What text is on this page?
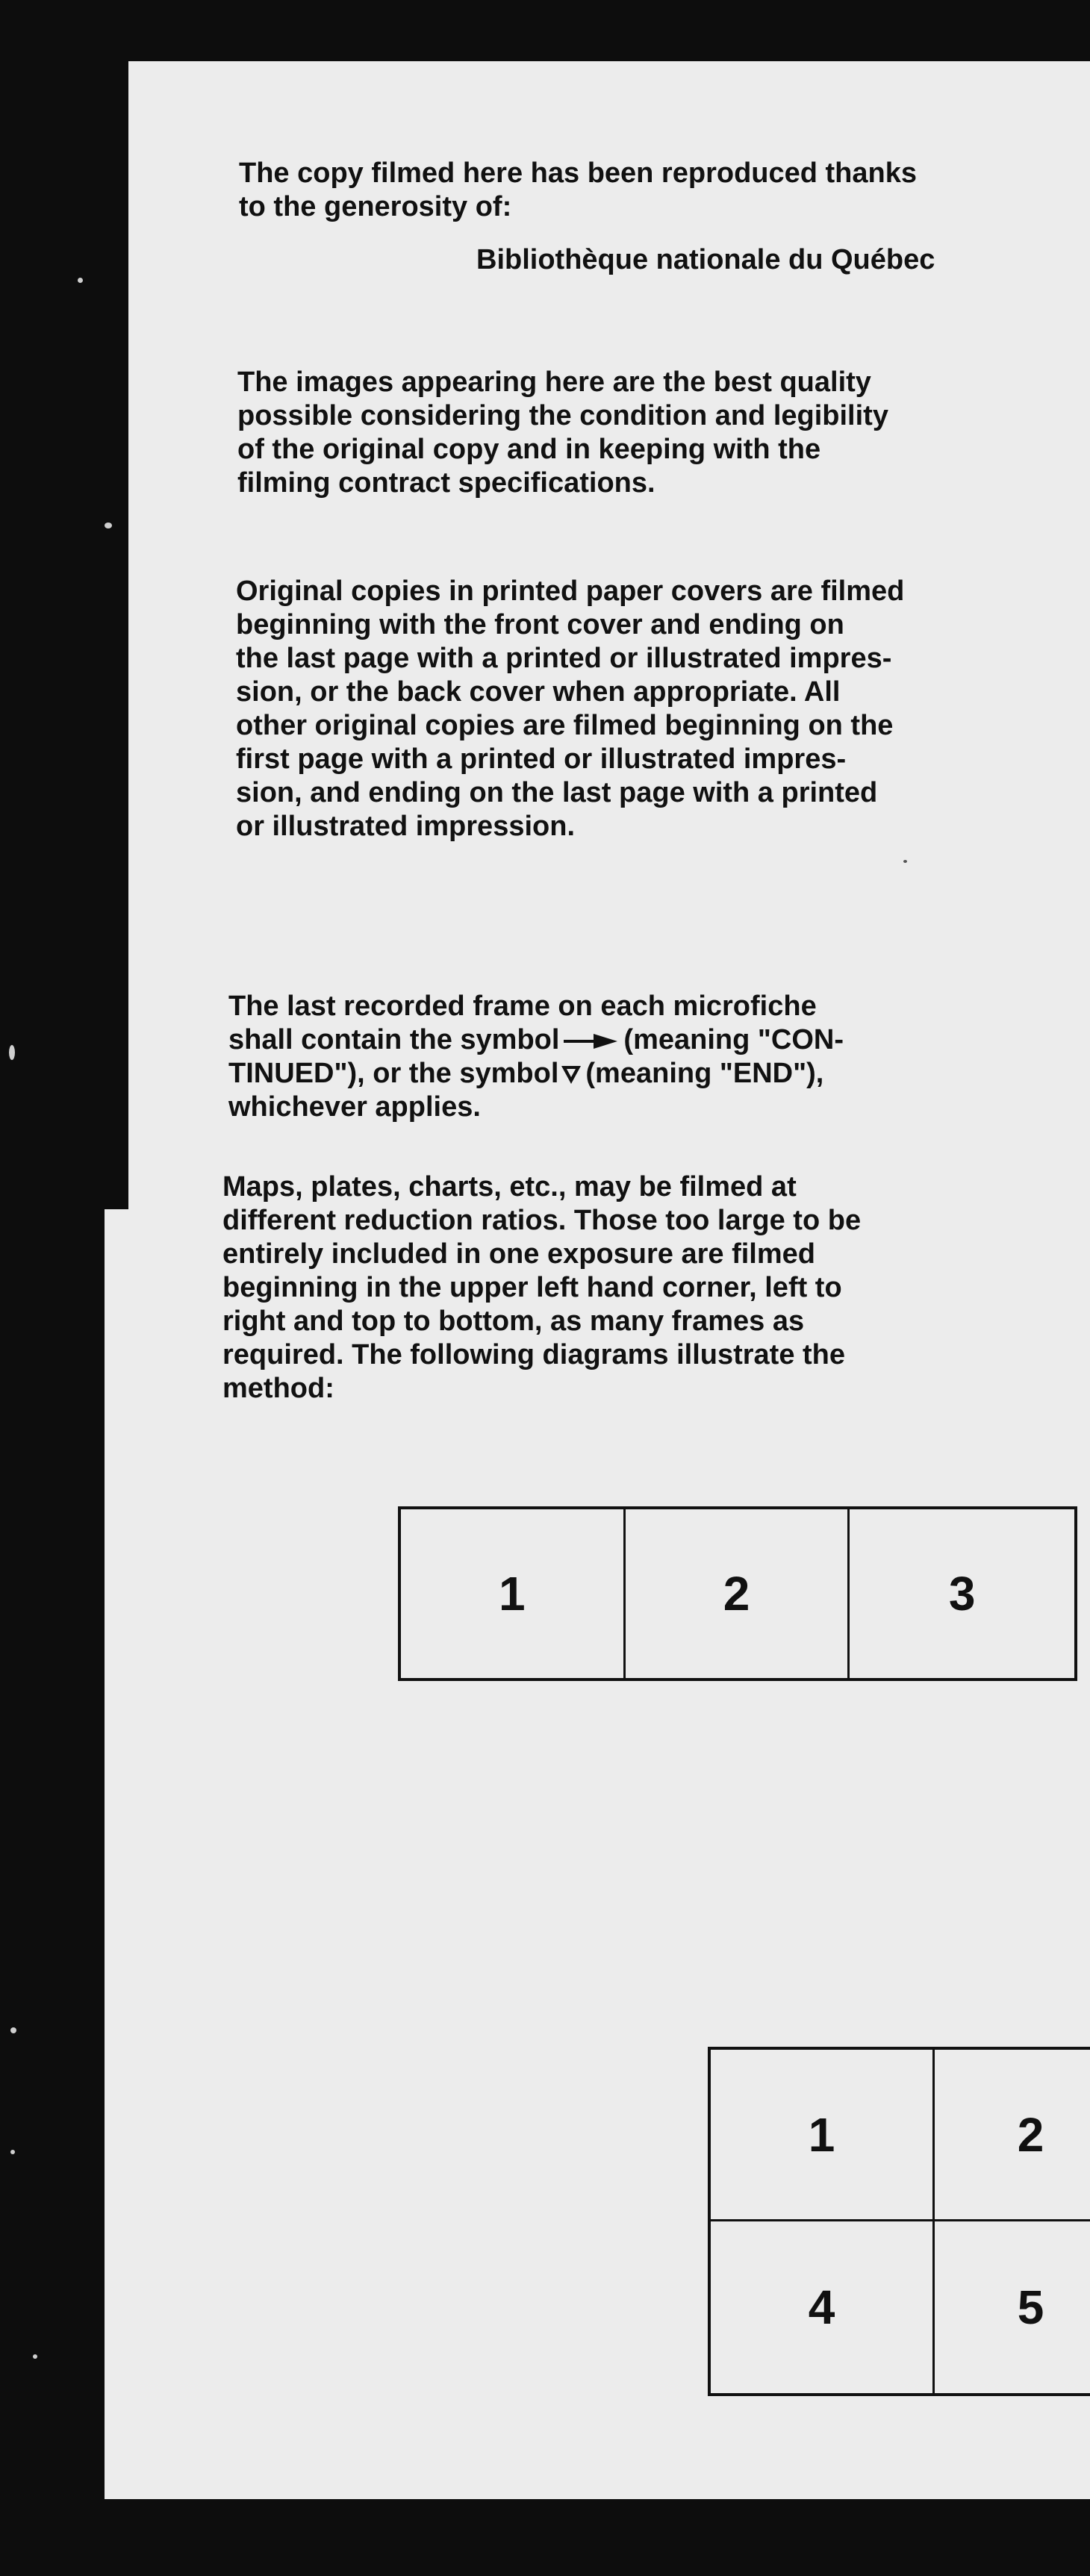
The copy filmed here has been reproduced thanks
to the generosity of:
Bibliothèque nationale du Québec
The images appearing here are the best quality
possible considering the condition and legibility
of the original copy and in keeping with the
filming contract specifications.
Original copies in printed paper covers are filmed
beginning with the front cover and ending on
the last page with a printed or illustrated impres-
sion, or the back cover when appropriate. All
other original copies are filmed beginning on the
first page with a printed or illustrated impres-
sion, and ending on the last page with a printed
or illustrated impression.
The last recorded frame on each microfiche
shall contain the symbol (meaning "CON-
TINUED"), or the symbol (meaning "END"),
whichever applies.
Maps, plates, charts, etc., may be filmed at
different reduction ratios. Those too large to be
entirely included in one exposure are filmed
beginning in the upper left hand corner, left to
right and top to bottom, as many frames as
required. The following diagrams illustrate the
method:
1	2	3
1	2
4	5
